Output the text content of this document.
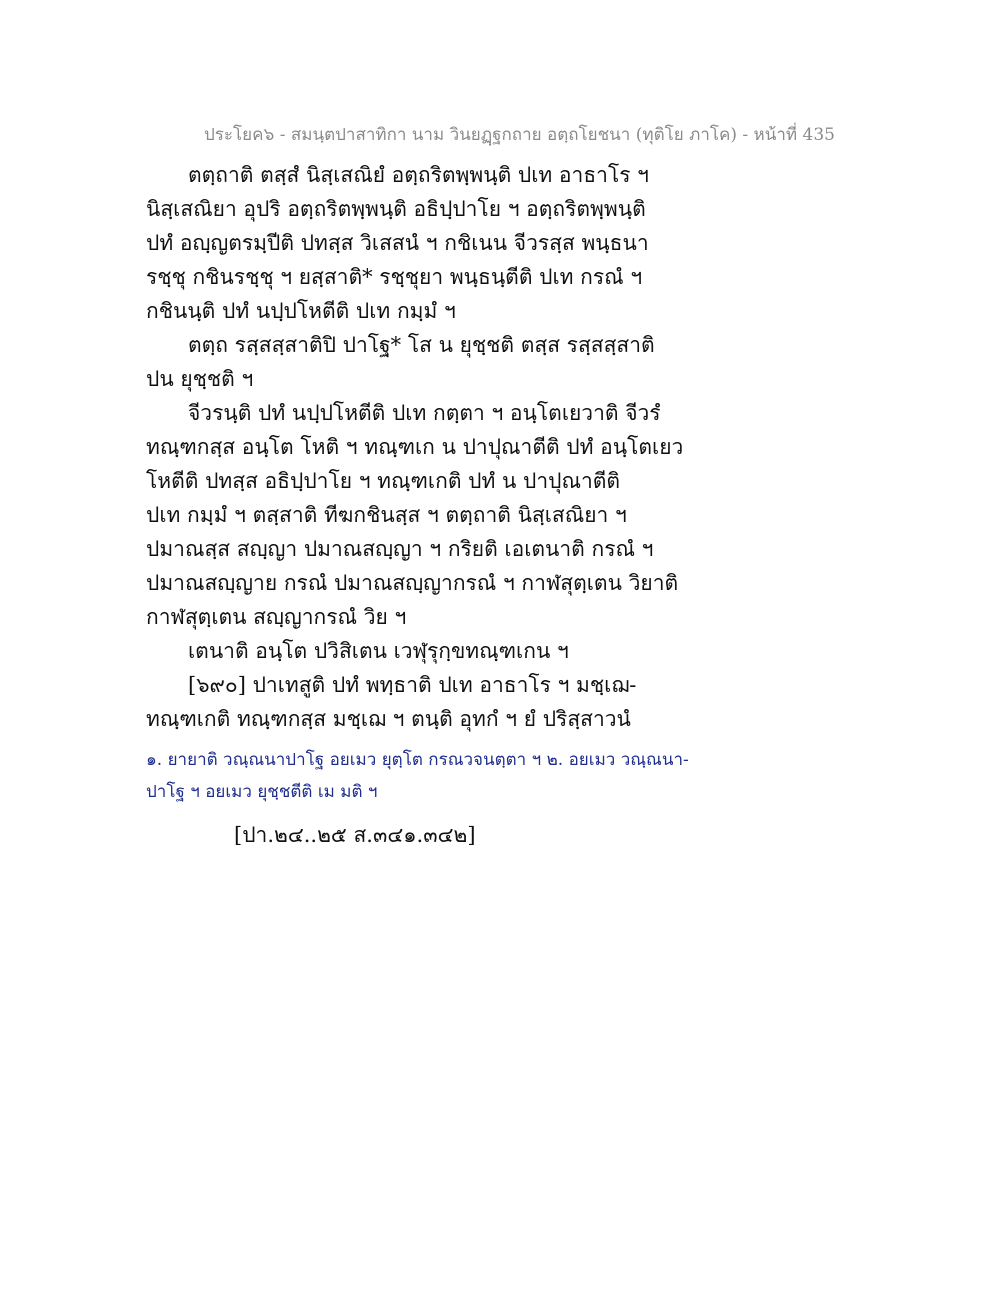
ประโยค๖ - สมนฺตปาสาทิกา นาม วินยฏฺฐกถาย อตฺถโยชนา (ทุติโย ภาโค) - หน้าที่ 435

ตตฺถาติ ตสฺสํ นิสฺเสณิยํ อตฺถริตพฺพนฺติ ปเท อาธาโร ฯ

นิสฺเสณิยา อุปริ อตฺถริตพฺพนฺติ อธิปฺปาโย ฯ อตฺถริตพฺพนฺติ

ปทํ อญฺญตรมฺปีติ ปทสฺส วิเสสนํ ฯ กชิเนน จีวรสฺส พนฺธนา

รชฺชุ กชินรชฺชุ ฯ ยสฺสาติ* รชฺชุยา พนฺธนฺตีติ ปเท กรณํ ฯ

กชินนฺติ ปทํ นปฺปโหตีติ ปเท กมฺมํ ฯ

ตตฺถ รสฺสสฺสาติปิ ปาโฐ* โส น ยุชฺชติ ตสฺส รสฺสสฺสาติ

ปน ยุชฺชติ ฯ

จีวรนฺติ ปทํ นปฺปโหตีติ ปเท กตฺตา ฯ อนฺโตเยวาติ จีวรํ

ทณฺฑกสฺส อนฺโต โหติ ฯ ทณฺฑเก น ปาปุณาตีติ ปทํ อนฺโตเยว

โหตีติ ปทสฺส อธิปฺปาโย ฯ ทณฺฑเกติ ปทํ น ปาปุณาตีติ

ปเท กมฺมํ ฯ ตสฺสาติ ทีฆกชินสฺส ฯ ตตฺถาติ นิสฺเสณิยา ฯ

ปมาณสฺส สญฺญา ปมาณสญฺญา ฯ กริยติ เอเตนาติ กรณํ ฯ

ปมาณสญฺญาย กรณํ ปมาณสญฺญากรณํ ฯ กาฬสุตฺเตน วิยาติ

กาฬสุตฺเตน สญฺญากรณํ วิย ฯ

เตนาติ อนฺโต ปวิสิเตน เวฬุรุกฺขทณฺฑเกน ฯ

[๖๙๐] ปาเทสูติ ปทํ พทฺธาติ ปเท อาธาโร ฯ มชฺเฌ-

ทณฺฑเกติ ทณฺฑกสฺส มชฺเฌ ฯ ตนฺติ อุทกํ ฯ ยํ ปริสฺสาวนํ

๑. ยายาติ วณฺณนาปาโฐ อยเมว ยุตฺโต กรณวจนตฺตา ฯ ๒. อยเมว วณฺณนา-

ปาโฐ ฯ อยเมว ยุชฺชตีติ เม มติ ฯ

[ปา.๒๔..๒๕ ส.๓๔๑.๓๔๒]
